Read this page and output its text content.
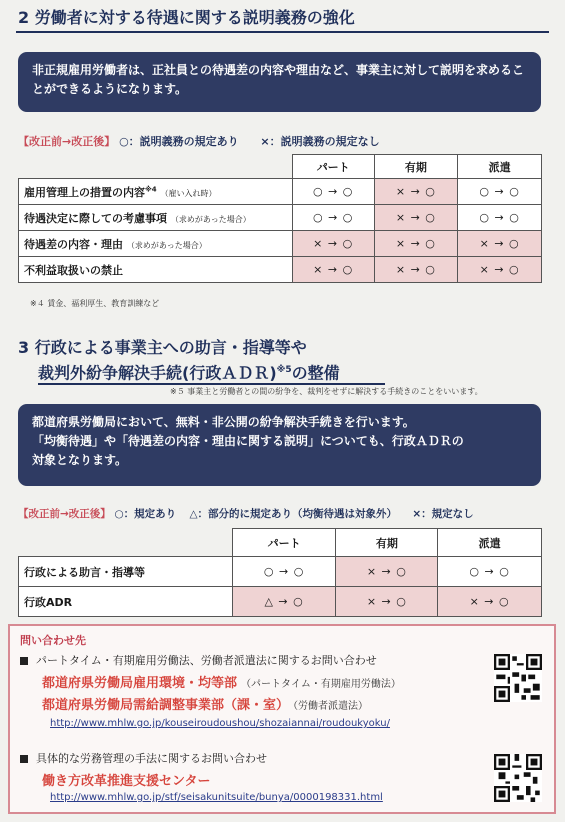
2 労働者に対する待遇に関する説明義務の強化
非正規雇用労働者は、正社員との待遇差の内容や理由など、事業主に対して説明を求めることができるようになります。
【改正前→改正後】 ○：説明義務の規定あり ×：説明義務の規定なし
	パート	有期	派遣
雇用管理上の措置の内容$^{※4}$ （雇い入れ時）	○ → ○	× → ○	○ → ○
待遇決定に際しての考慮事項 （求めがあった場合）	○ → ○	× → ○	○ → ○
待遇差の内容・理由 （求めがあった場合）	× → ○	× → ○	× → ○
不利益取扱いの禁止	× → ○	× → ○	× → ○
※４ 賃金、福利厚生、教育訓練など
3 行政による事業主への助言・指導等や
裁判外紛争解決手続(行政ＡＤＲ)$^{※5}$の整備
※５ 事業主と労働者との間の紛争を、裁判をせずに解決する手続きのことをいいます。
都道府県労働局において、無料・非公開の紛争解決手続きを行います。
「均衡待遇」や「待遇差の内容・理由に関する説明」についても、行政ＡＤＲの
対象となります。
【改正前→改正後】 ○：規定あり △：部分的に規定あり（均衡待遇は対象外） ×：規定なし
	パート	有期	派遣
行政による助言・指導等	○ → ○	× → ○	○ → ○
行政ADR	△ → ○	× → ○	× → ○
問い合わせ先
パートタイム・有期雇用労働法、労働者派遣法に関するお問い合わせ
都道府県労働局雇用環境・均等部 （パートタイム・有期雇用労働法）
都道府県労働局需給調整事業部（課・室） （労働者派遣法）
http://www.mhlw.go.jp/kouseiroudoushou/shozaiannai/roudoukyoku/
具体的な労務管理の手法に関するお問い合わせ
働き方改革推進支援センター
http://www.mhlw.go.jp/stf/seisakunitsuite/bunya/0000198331.html
